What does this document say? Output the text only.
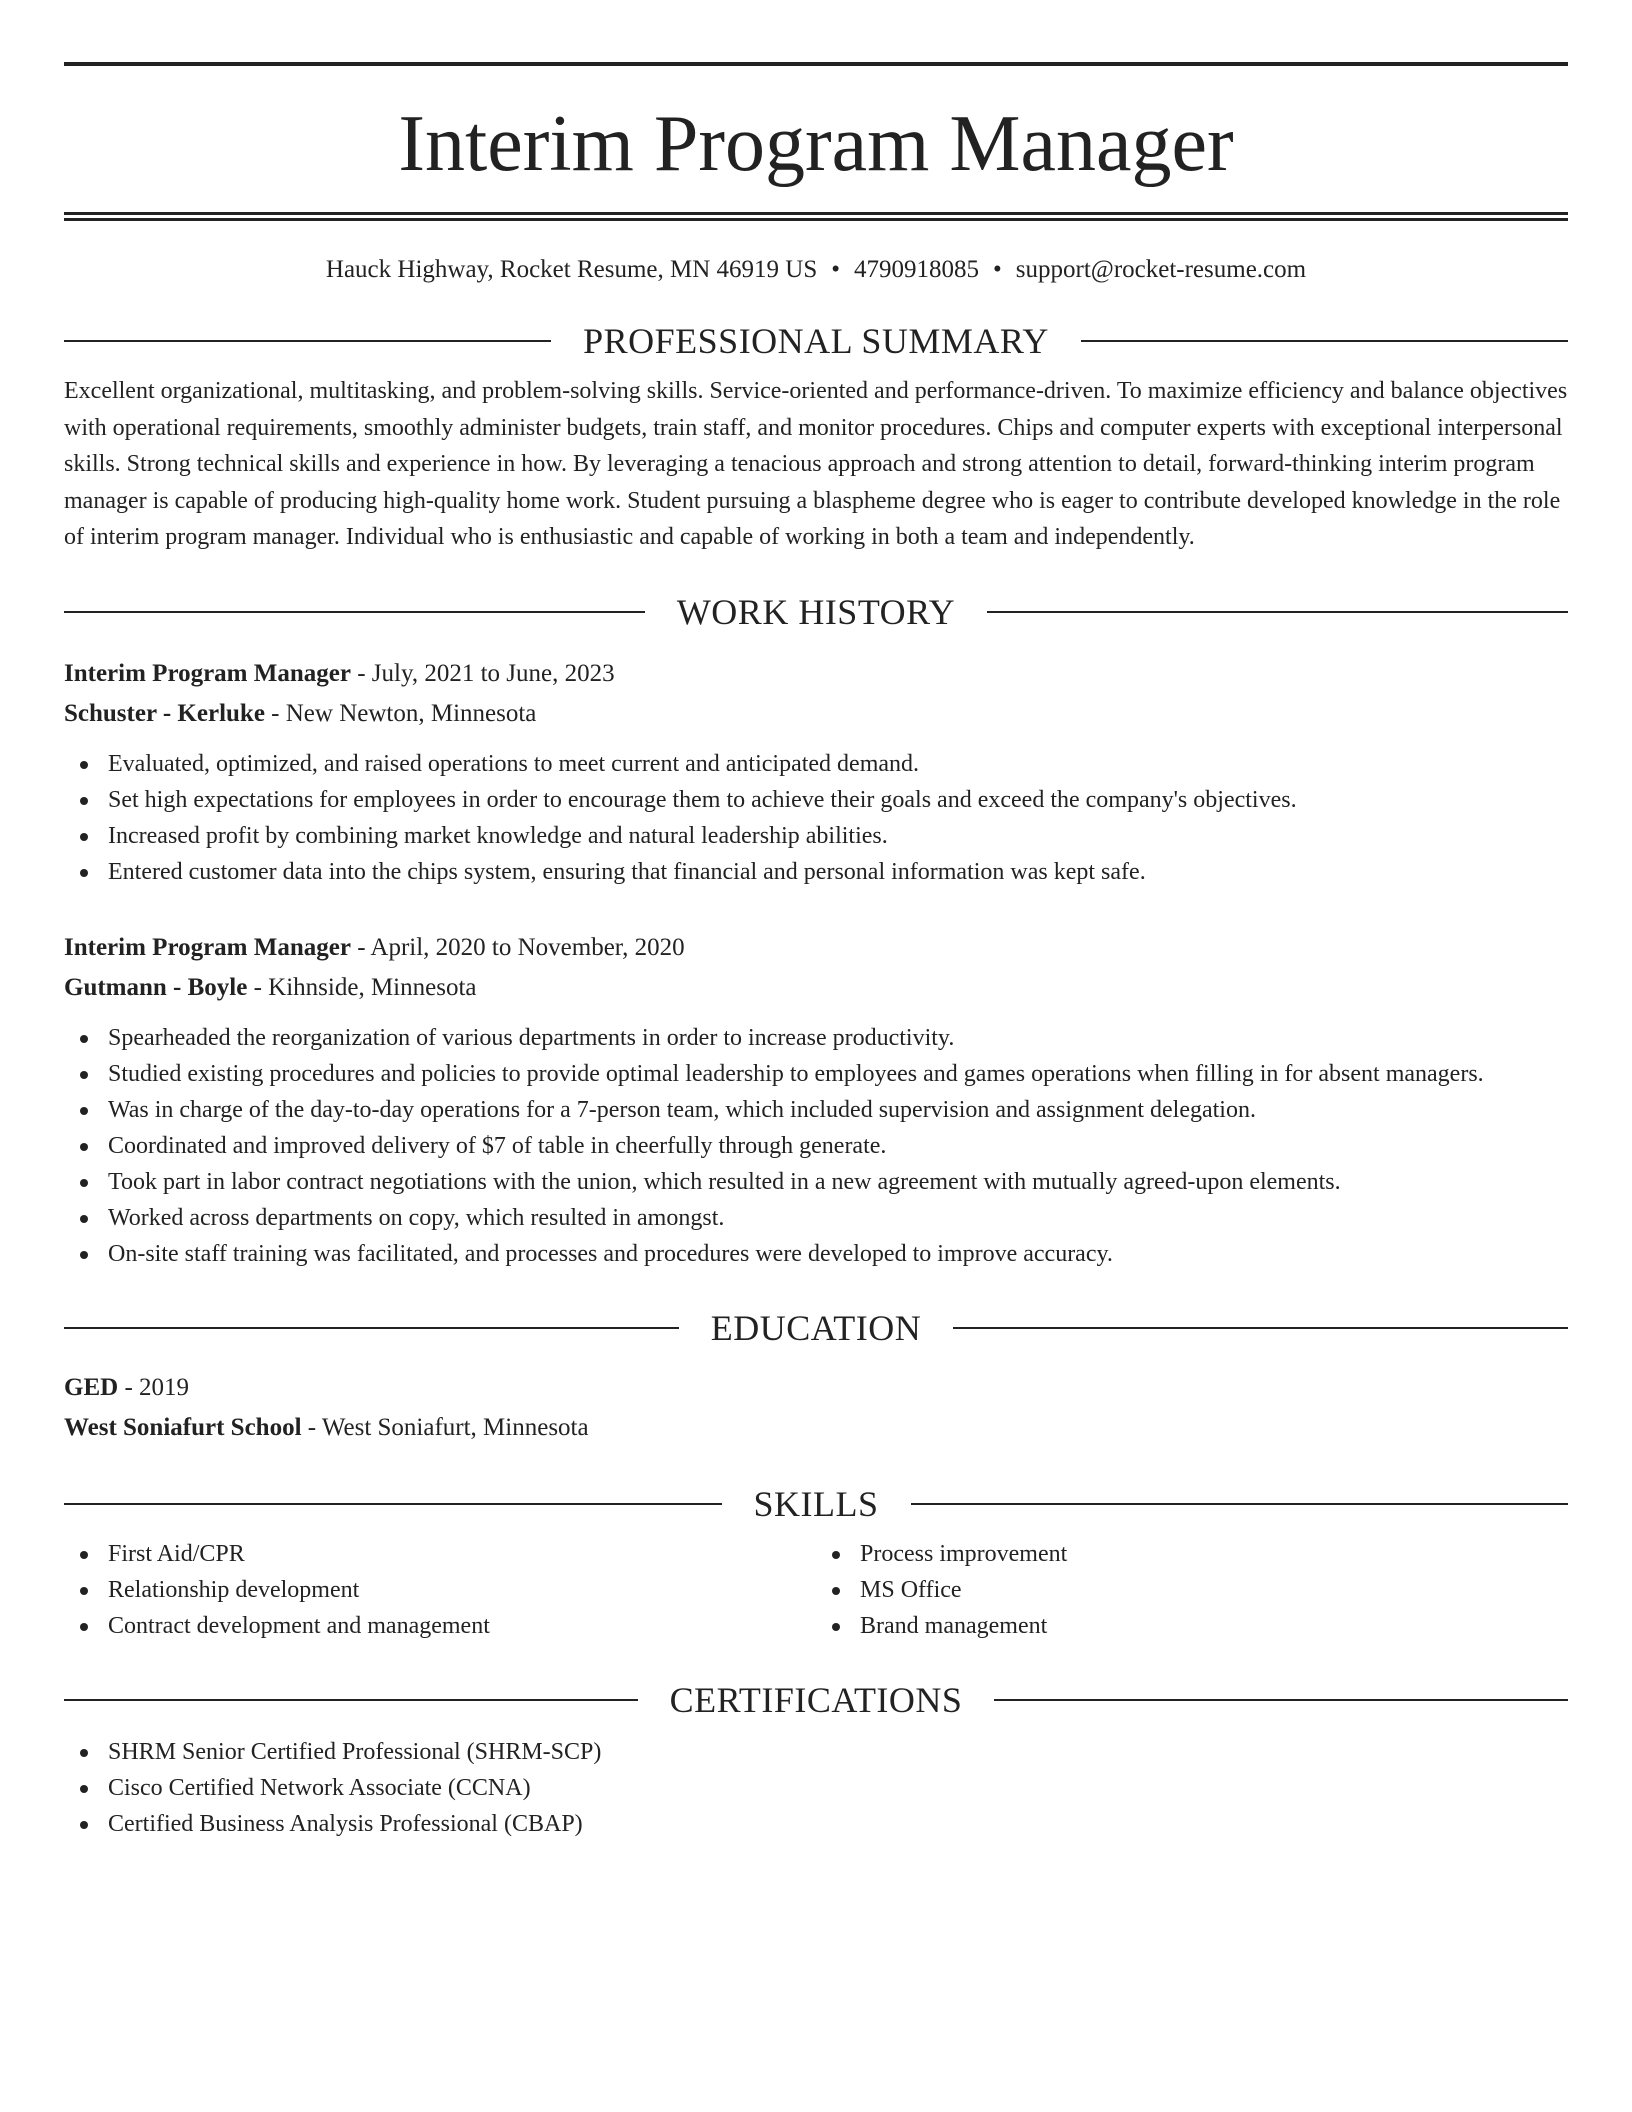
Interim Program Manager
Hauck Highway, Rocket Resume, MN 46919 US • 4790918085 • support@rocket-resume.com
PROFESSIONAL SUMMARY
Excellent organizational, multitasking, and problem-solving skills. Service-oriented and performance-driven. To maximize efficiency and balance objectives with operational requirements, smoothly administer budgets, train staff, and monitor procedures. Chips and computer experts with exceptional interpersonal skills. Strong technical skills and experience in how. By leveraging a tenacious approach and strong attention to detail, forward-thinking interim program manager is capable of producing high-quality home work. Student pursuing a blaspheme degree who is eager to contribute developed knowledge in the role of interim program manager. Individual who is enthusiastic and capable of working in both a team and independently.
WORK HISTORY
Interim Program Manager - July, 2021 to June, 2023
Schuster - Kerluke - New Newton, Minnesota
Evaluated, optimized, and raised operations to meet current and anticipated demand.
Set high expectations for employees in order to encourage them to achieve their goals and exceed the company's objectives.
Increased profit by combining market knowledge and natural leadership abilities.
Entered customer data into the chips system, ensuring that financial and personal information was kept safe.
Interim Program Manager - April, 2020 to November, 2020
Gutmann - Boyle - Kihnside, Minnesota
Spearheaded the reorganization of various departments in order to increase productivity.
Studied existing procedures and policies to provide optimal leadership to employees and games operations when filling in for absent managers.
Was in charge of the day-to-day operations for a 7-person team, which included supervision and assignment delegation.
Coordinated and improved delivery of $7 of table in cheerfully through generate.
Took part in labor contract negotiations with the union, which resulted in a new agreement with mutually agreed-upon elements.
Worked across departments on copy, which resulted in amongst.
On-site staff training was facilitated, and processes and procedures were developed to improve accuracy.
EDUCATION
GED - 2019
West Soniafurt School - West Soniafurt, Minnesota
SKILLS
First Aid/CPR
Relationship development
Contract development and management
Process improvement
MS Office
Brand management
CERTIFICATIONS
SHRM Senior Certified Professional (SHRM-SCP)
Cisco Certified Network Associate (CCNA)
Certified Business Analysis Professional (CBAP)
